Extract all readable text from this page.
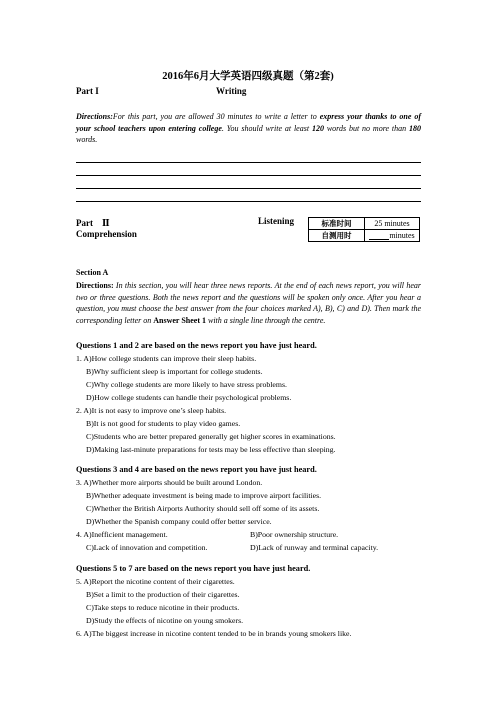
2016年6月大学英语四级真题（第2套)
Part I	Writing
Directions:For this part, you are allowed 30 minutes to write a letter to express your thanks to one of your school teachers upon entering college. You should write at least 120 words but no more than 180 words.
Part　Ⅱ	Listening
Comprehension
标准时间	25 minutes
自测用时	minutes
Section A
Directions: In this section, you will hear three news reports. At the end of each news report, you will hear two or three questions. Both the news report and the questions will be spoken only once. After you hear a question, you must choose the best answer from the four choices marked A), B), C) and D). Then mark the corresponding letter on Answer Sheet 1 with a single line through the centre.
Questions 1 and 2 are based on the news report you have just heard.
1. A)How college students can improve their sleep habits.
B)Why sufficient sleep is important for college students.
C)Why college students are more likely to have stress problems.
D)How college students can handle their psychological problems.
2. A)It is not easy to improve one’s sleep habits.
B)It is not good for students to play video games.
C)Students who are better prepared generally get higher scores in examinations.
D)Making last-minute preparations for tests may be less effective than sleeping.
Questions 3 and 4 are based on the news report you have just heard.
3. A)Whether more airports should be built around London.
B)Whether adequate investment is being made to improve airport facilities.
C)Whether the British Airports Authority should sell off some of its assets.
D)Whether the Spanish company could offer better service.
4. A)Inefficient management.	B)Poor ownership structure.
C)Lack of innovation and competition.	D)Lack of runway and terminal capacity.
Questions 5 to 7 are based on the news report you have just heard.
5. A)Report the nicotine content of their cigarettes.
B)Set a limit to the production of their cigarettes.
C)Take steps to reduce nicotine in their products.
D)Study the effects of nicotine on young smokers.
6. A)The biggest increase in nicotine content tended to be in brands young smokers like.
